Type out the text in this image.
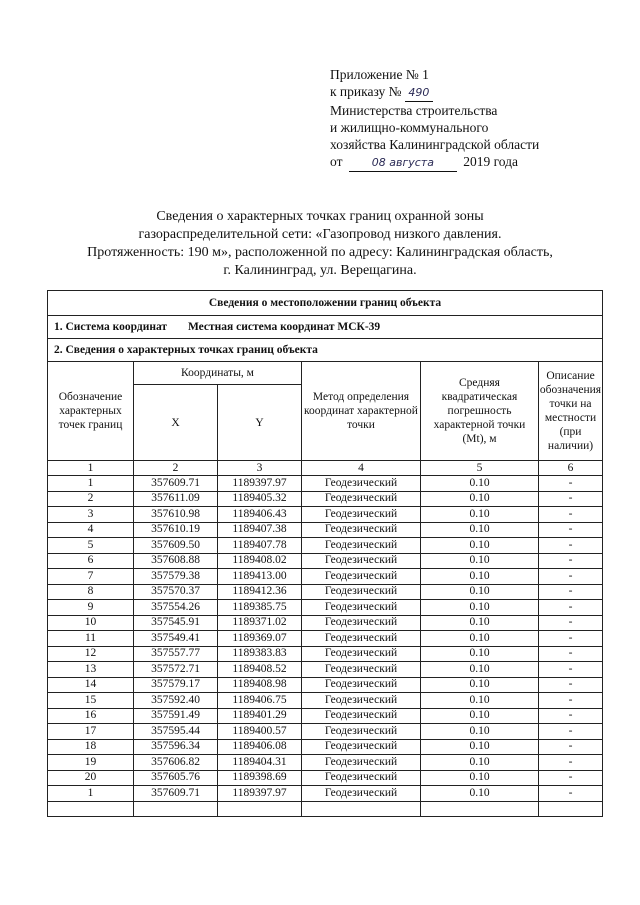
Приложение № 1
к приказу № 490
Министерства строительства
и жилищно-коммунального
хозяйства Калининградской области
от	08 августа 2019 года
Сведения о характерных точках границ охранной зоны
газораспределительной сети: «Газопровод низкого давления.
Протяженность: 190 м», расположенной по адресу: Калининградская область,
г. Калининград, ул. Верещагина.
Сведения о местоположении границ объекта					
1. Система координат Местная система координат МСК-39					
2. Сведения о характерных точках границ объекта					
Обозначение характерных точек границ	Координаты, м		Метод определения координат характерной точки	Средняя квадратическая погрешность характерной точки (Mt), м	Описание обозначения точки на местности (при наличии)
	X	Y			
1	2	3	4	5	6
1	357609.71	1189397.97	Геодезический	0.10	-
2	357611.09	1189405.32	Геодезический	0.10	-
3	357610.98	1189406.43	Геодезический	0.10	-
4	357610.19	1189407.38	Геодезический	0.10	-
5	357609.50	1189407.78	Геодезический	0.10	-
6	357608.88	1189408.02	Геодезический	0.10	-
7	357579.38	1189413.00	Геодезический	0.10	-
8	357570.37	1189412.36	Геодезический	0.10	-
9	357554.26	1189385.75	Геодезический	0.10	-
10	357545.91	1189371.02	Геодезический	0.10	-
11	357549.41	1189369.07	Геодезический	0.10	-
12	357557.77	1189383.83	Геодезический	0.10	-
13	357572.71	1189408.52	Геодезический	0.10	-
14	357579.17	1189408.98	Геодезический	0.10	-
15	357592.40	1189406.75	Геодезический	0.10	-
16	357591.49	1189401.29	Геодезический	0.10	-
17	357595.44	1189400.57	Геодезический	0.10	-
18	357596.34	1189406.08	Геодезический	0.10	-
19	357606.82	1189404.31	Геодезический	0.10	-
20	357605.76	1189398.69	Геодезический	0.10	-
1	357609.71	1189397.97	Геодезический	0.10	-
